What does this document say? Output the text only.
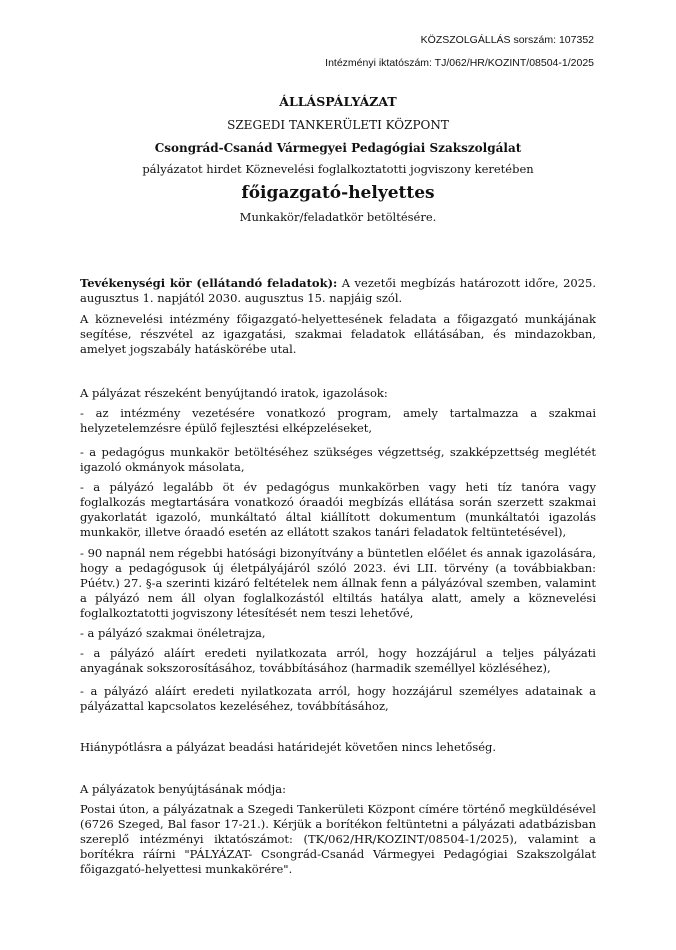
KÖZSZOLGÁLLÁS sorszám: 107352
Intézményi iktatószám: TJ/062/HR/KOZINT/08504-1/2025
ÁLLÁSPÁLYÁZAT
SZEGEDI TANKERÜLETI KÖZPONT
Csongrád-Csanád Vármegyei Pedagógiai Szakszolgálat
pályázatot hirdet Köznevelési foglalkoztatotti jogviszony keretében
főigazgató-helyettes
Munkakör/feladatkör betöltésére.
Tevékenységi kör (ellátandó feladatok): A vezetői megbízás határozott időre, 2025. augusztus 1. napjától 2030. augusztus 15. napjáig szól.
A köznevelési intézmény főigazgató-helyettesének feladata a főigazgató munkájának segítése, részvétel az igazgatási, szakmai feladatok ellátásában, és mindazokban, amelyet jogszabály hatáskörébe utal.
A pályázat részeként benyújtandó iratok, igazolások:
- az intézmény vezetésére vonatkozó program, amely tartalmazza a szakmai helyzetelemzésre épülő fejlesztési elképzeléseket,
- a pedagógus munkakör betöltéséhez szükséges végzettség, szakképzettség meglétét igazoló okmányok másolata,
- a pályázó legalább öt év pedagógus munkakörben vagy heti tíz tanóra vagy foglalkozás megtartására vonatkozó óraadói megbízás ellátása során szerzett szakmai gyakorlatát igazoló, munkáltató által kiállított dokumentum (munkáltatói igazolás munkakör, illetve óraadó esetén az ellátott szakos tanári feladatok feltüntetésével),
- 90 napnál nem régebbi hatósági bizonyítvány a büntetlen előélet és annak igazolására, hogy a pedagógusok új életpályájáról szóló 2023. évi LII. törvény (a továbbiakban: Púétv.) 27. §-a szerinti kizáró feltételek nem állnak fenn a pályázóval szemben, valamint a pályázó nem áll olyan foglalkozástól eltiltás hatálya alatt, amely a köznevelési foglalkoztatotti jogviszony létesítését nem teszi lehetővé,
- a pályázó szakmai önéletrajza,
- a pályázó aláírt eredeti nyilatkozata arról, hogy hozzájárul a teljes pályázati anyagának sokszorosításához, továbbításához (harmadik személlyel közléséhez),
- a pályázó aláírt eredeti nyilatkozata arról, hogy hozzájárul személyes adatainak a pályázattal kapcsolatos kezeléséhez, továbbításához,
Hiánypótlásra a pályázat beadási határidejét követően nincs lehetőség.
A pályázatok benyújtásának módja:
Postai úton, a pályázatnak a Szegedi Tankerületi Központ címére történő megküldésével (6726 Szeged, Bal fasor 17-21.). Kérjük a borítékon feltüntetni a pályázati adatbázisban szereplő intézményi iktatószámot: (TK/062/HR/KOZINT/08504-1/2025), valamint a borítékra ráírni "PÁLYÁZAT- Csongrád-Csanád Vármegyei Pedagógiai Szakszolgálat főigazgató-helyettesi munkakörére".
